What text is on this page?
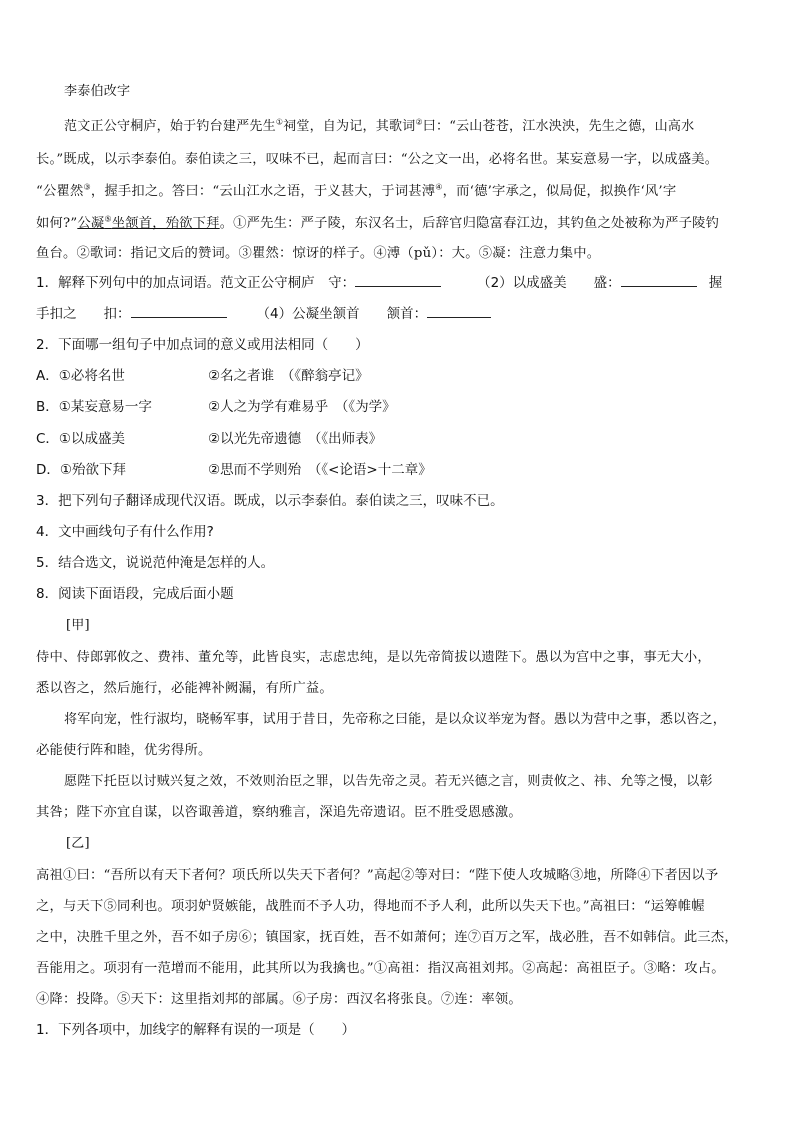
李泰伯改字
范文正公守桐庐，始于钓台建严先生①祠堂，自为记，其歌词②曰：“云山苍苍，江水泱泱，先生之德，山高水
长。”既成，以示李泰伯。泰伯读之三，叹味不已，起而言曰：“公之文一出，必将名世。某妄意易一字，以成盛美。
“公瞿然③，握手扣之。答曰：“云山江水之语，于义甚大，于词甚溥④，而‘德’字承之，似局促，拟换作‘风’字
如何?”公凝⑤坐颔首，殆欲下拜。①严先生：严子陵，东汉名士，后辞官归隐富春江边，其钓鱼之处被称为严子陵钓
鱼台。②歌词：指记文后的赞词。③瞿然：惊讶的样子。④溥（pǔ）：大。⑤凝：注意力集中。
1．解释下列句中的加点词语。范文正公守桐庐　守：	（2）以成盛美　　盛：	握
手扣之　　扣：	（4）公凝坐颔首　　颔首：
2．下面哪一组句子中加点词的意义或用法相同（　　）
A．①必将名世	②名之者谁　（《醉翁亭记》
B．①某妄意易一字	②人之为学有难易乎　（《为学》
C．①以成盛美	②以光先帝遗德　（《出师表》
D．①殆欲下拜	②思而不学则殆　（《<论语>十二章》
3．把下列句子翻译成现代汉语。既成，以示李泰伯。泰伯读之三，叹味不已。
4．文中画线句子有什么作用?
5．结合选文，说说范仲淹是怎样的人。
8．阅读下面语段，完成后面小题
[甲]
侍中、侍郎郭攸之、费祎、董允等，此皆良实，志虑忠纯，是以先帝简拔以遗陛下。愚以为宫中之事，事无大小，
悉以咨之，然后施行，必能裨补阙漏，有所广益。
将军向宠，性行淑均，晓畅军事，试用于昔日，先帝称之曰能，是以众议举宠为督。愚以为营中之事，悉以咨之，
必能使行阵和睦，优劣得所。
愿陛下托臣以讨贼兴复之效，不效则治臣之罪，以告先帝之灵。若无兴德之言，则责攸之、祎、允等之慢，以彰
其咎；陛下亦宜自谋，以咨诹善道，察纳雅言，深追先帝遗诏。臣不胜受恩感激。
[乙]
高祖①曰：“吾所以有天下者何？项氏所以失天下者何？”高起②等对曰：“陛下使人攻城略③地，所降④下者因以予
之，与天下⑤同利也。项羽妒贤嫉能，战胜而不予人功，得地而不予人利，此所以失天下也。”高祖曰：“运筹帷幄
之中，决胜千里之外，吾不如子房⑥；镇国家，抚百姓，吾不如萧何；连⑦百万之军，战必胜，吾不如韩信。此三杰，
吾能用之。项羽有一范增而不能用，此其所以为我擒也。”①高祖：指汉高祖刘邦。②高起：高祖臣子。③略：攻占。
④降：投降。⑤天下：这里指刘邦的部属。⑥子房：西汉名将张良。⑦连：率领。
1．下列各项中，加线字的解释有误的一项是（　　）
